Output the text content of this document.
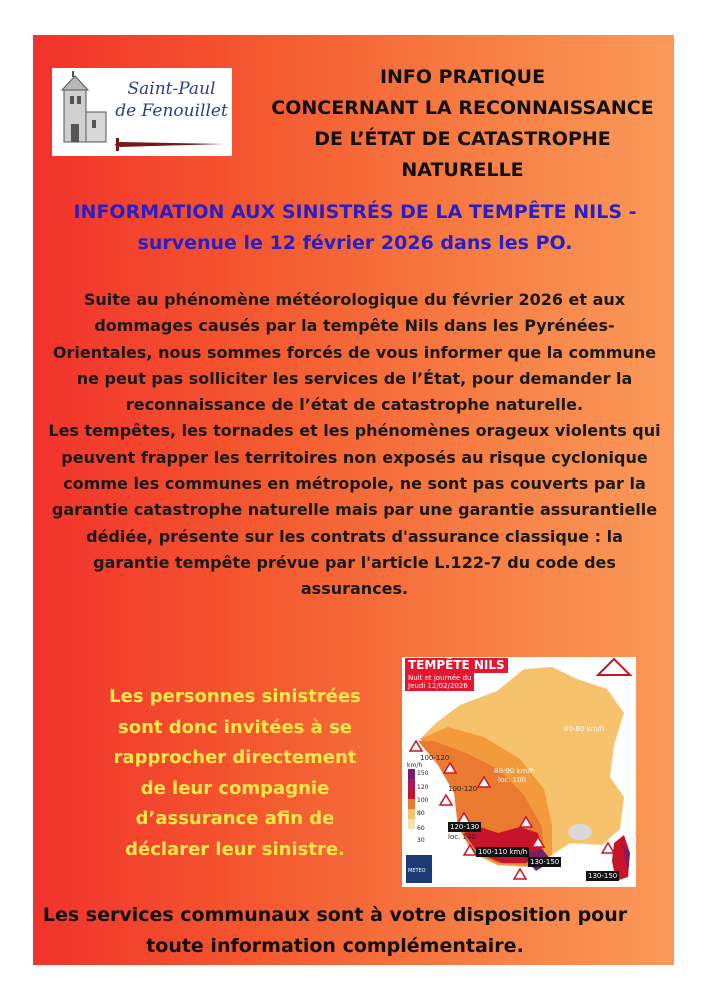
Saint-Paul
de Fenouillet
INFO PRATIQUE
CONCERNANT LA RECONNAISSANCE
DE L’ÉTAT DE CATASTROPHE
NATURELLE
INFORMATION AUX SINISTRÉS DE LA TEMPÊTE NILS -
survenue le 12 février 2026 dans les PO.

Suite au phénomène météorologique du février 2026 et aux dommages causés par la tempête Nils dans les Pyrénées-Orientales, nous sommes forcés de vous informer que la commune ne peut pas solliciter les services de l’État, pour demander la reconnaissance de l’état de catastrophe naturelle.

Les tempêtes, les tornades et les phénomènes orageux violents qui peuvent frapper les territoires non exposés au risque cyclonique comme les communes en métropole, ne sont pas couverts par la garantie catastrophe naturelle mais par une garantie assurantielle dédiée, présente sur les contrats d'assurance classique : la garantie tempête prévue par l'article L.122-7 du code des assurances.

Les personnes sinistrées
sont donc invitées à se
rapprocher directement
de leur compagnie
d’assurance afin de
déclarer leur sinistre.
TEMPÊTE NILS
Nuit et journée du
Jeudi 12/02/2026
60-80 km/h
80-90 km/h
loc. 100
100-120
100-120
100-110 km/h
120-130
loc. 140
130-150
130-150
km/h
150
120
100
80
60
30
METEO
Les services communaux sont à votre disposition pour
toute information complémentaire.
